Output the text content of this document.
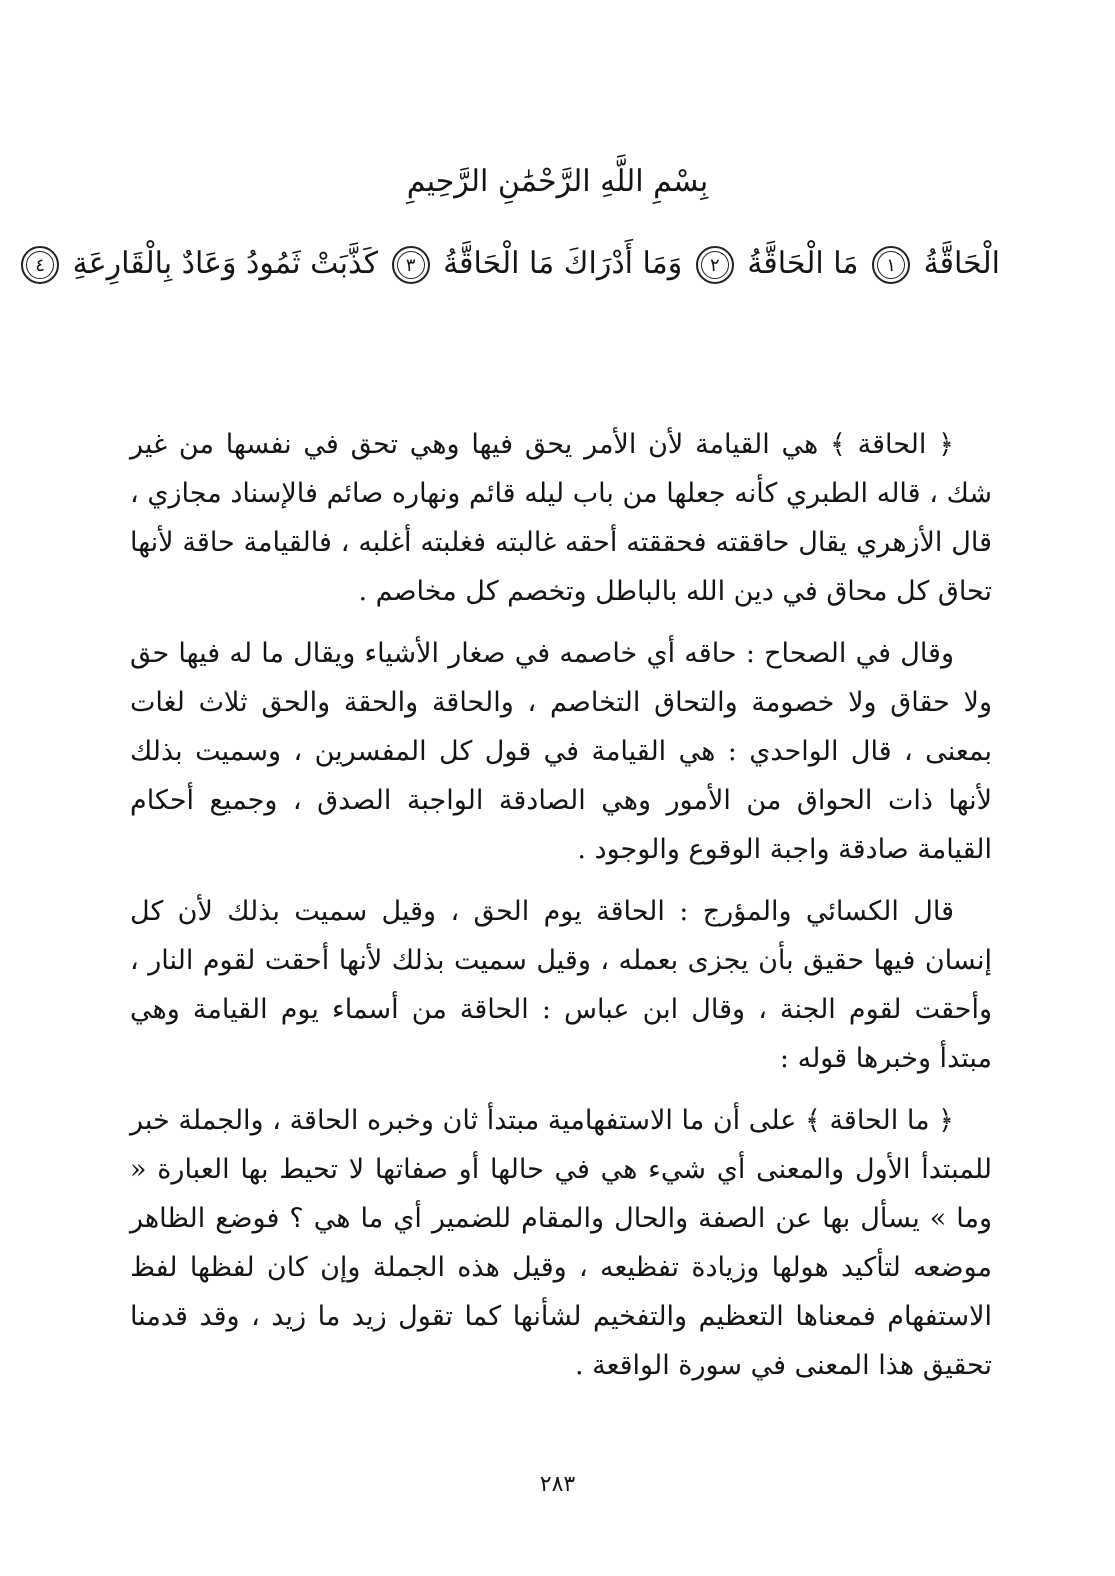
بِسْمِ اللَّهِ الرَّحْمَٰنِ الرَّحِيمِ
الْحَاقَّةُ ١ مَا الْحَاقَّةُ ٢ وَمَا أَدْرَاكَ مَا الْحَاقَّةُ ٣ كَذَّبَتْ ثَمُودُ وَعَادٌ بِالْقَارِعَةِ ٤

﴿ الحاقة ﴾ هي القيامة لأن الأمر يحق فيها وهي تحق في نفسها من غير شك ، قاله الطبري كأنه جعلها من باب ليله قائم ونهاره صائم فالإسناد مجازي ، قال الأزهري يقال حاققته فحققته أحقه غالبته فغلبته أغلبه ، فالقيامة حاقة لأنها تحاق كل محاق في دين الله بالباطل وتخصم كل مخاصم .

وقال في الصحاح : حاقه أي خاصمه في صغار الأشياء ويقال ما له فيها حق ولا حقاق ولا خصومة والتحاق التخاصم ، والحاقة والحقة والحق ثلاث لغات بمعنى ، قال الواحدي : هي القيامة في قول كل المفسرين ، وسميت بذلك لأنها ذات الحواق من الأمور وهي الصادقة الواجبة الصدق ، وجميع أحكام القيامة صادقة واجبة الوقوع والوجود .

قال الكسائي والمؤرج : الحاقة يوم الحق ، وقيل سميت بذلك لأن كل إنسان فيها حقيق بأن يجزى بعمله ، وقيل سميت بذلك لأنها أحقت لقوم النار ، وأحقت لقوم الجنة ، وقال ابن عباس : الحاقة من أسماء يوم القيامة وهي مبتدأ وخبرها قوله :

﴿ ما الحاقة ﴾ على أن ما الاستفهامية مبتدأ ثان وخبره الحاقة ، والجملة خبر للمبتدأ الأول والمعنى أي شيء هي في حالها أو صفاتها لا تحيط بها العبارة « وما » يسأل بها عن الصفة والحال والمقام للضمير أي ما هي ؟ فوضع الظاهر موضعه لتأكيد هولها وزيادة تفظيعه ، وقيل هذه الجملة وإن كان لفظها لفظ الاستفهام فمعناها التعظيم والتفخيم لشأنها كما تقول زيد ما زيد ، وقد قدمنا تحقيق هذا المعنى في سورة الواقعة .

٢٨٣
